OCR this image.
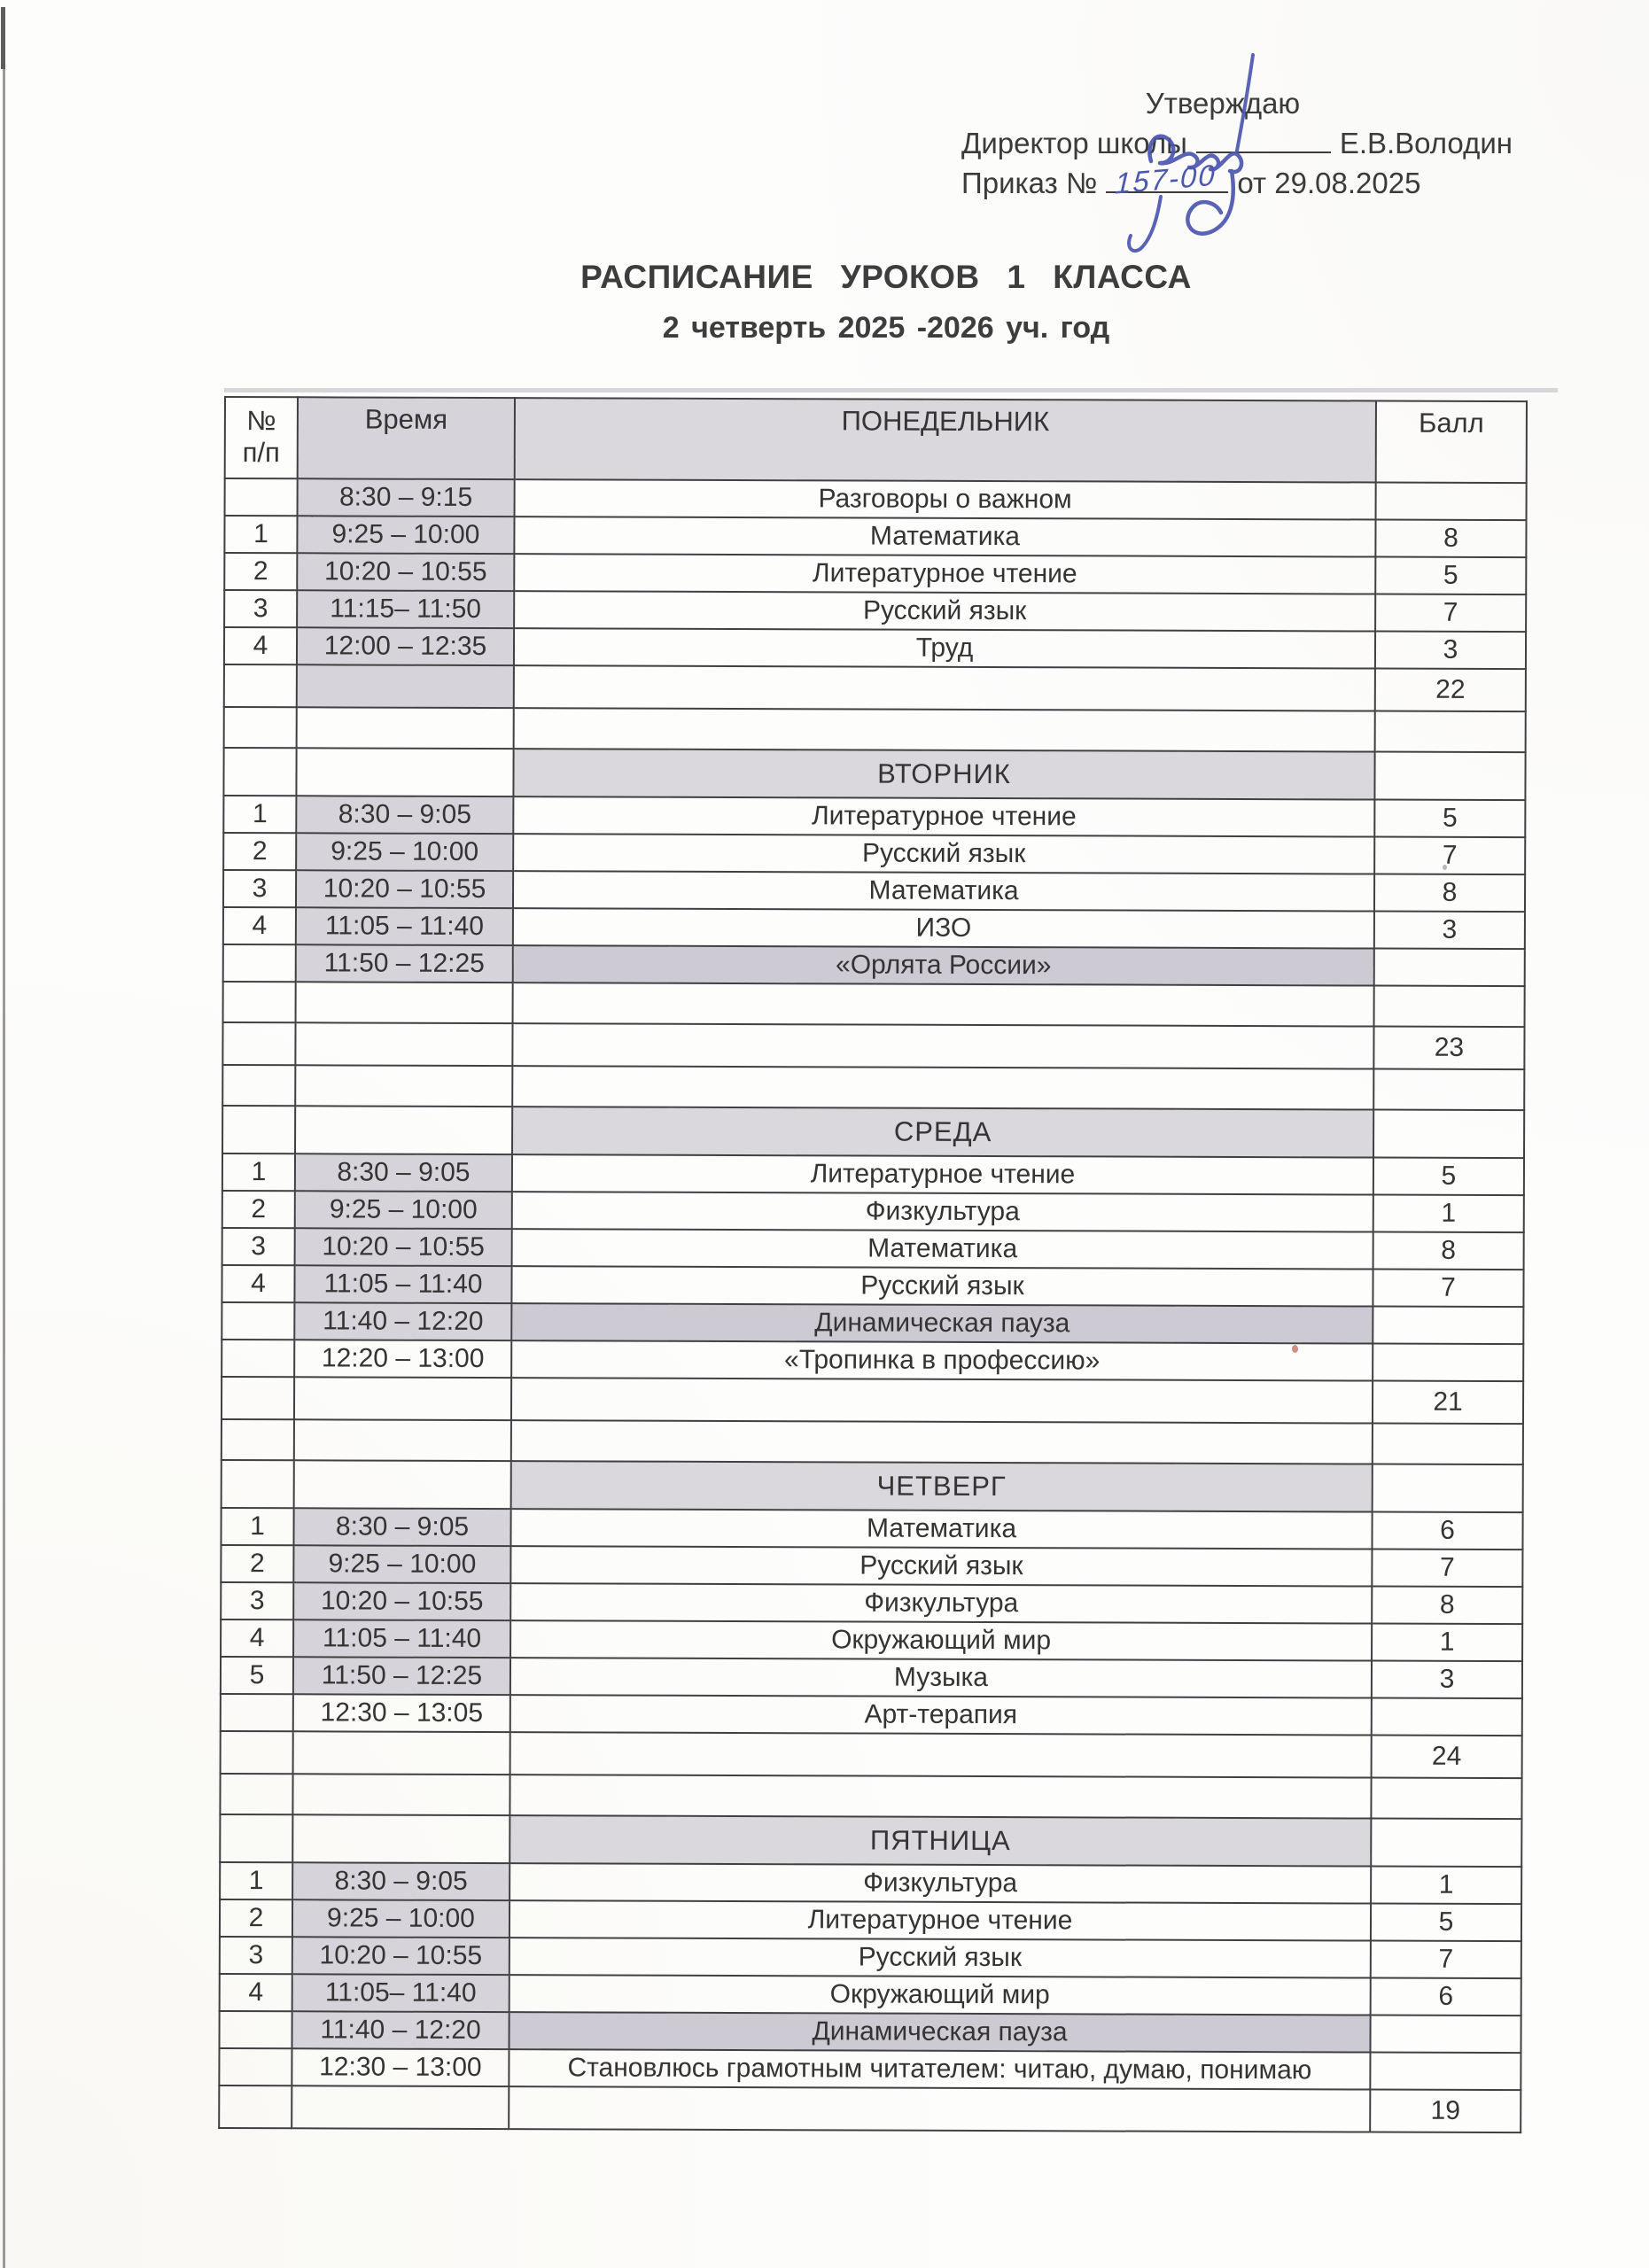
Утверждаю
Директор школы	Е.В.Володин
Приказ №	от 29.08.2025
157-00
РАСПИСАНИЕ УРОКОВ 1 КЛАССА
2 четверть 2025 -2026 уч. год
№
п/п	Время	ПОНЕДЕЛЬНИК	Балл
	8:30 – 9:15	Разговоры о важном	
1	9:25 – 10:00	Математика	8
2	10:20 – 10:55	Литературное чтение	5
3	11:15– 11:50	Русский язык	7
4	12:00 – 12:35	Труд	3
			22

		ВТОРНИК	
1	8:30 – 9:05	Литературное чтение	5
2	9:25 – 10:00	Русский язык	7
3	10:20 – 10:55	Математика	8
4	11:05 – 11:40	ИЗО	3
	11:50 – 12:25	«Орлята России»	

			23

		СРЕДА	
1	8:30 – 9:05	Литературное чтение	5
2	9:25 – 10:00	Физкультура	1
3	10:20 – 10:55	Математика	8
4	11:05 – 11:40	Русский язык	7
	11:40 – 12:20	Динамическая пауза	
	12:20 – 13:00	«Тропинка в профессию»	
			21

		ЧЕТВЕРГ	
1	8:30 – 9:05	Математика	6
2	9:25 – 10:00	Русский язык	7
3	10:20 – 10:55	Физкультура	8
4	11:05 – 11:40	Окружающий мир	1
5	11:50 – 12:25	Музыка	3
	12:30 – 13:05	Арт-терапия	
			24

		ПЯТНИЦА	
1	8:30 – 9:05	Физкультура	1
2	9:25 – 10:00	Литературное чтение	5
3	10:20 – 10:55	Русский язык	7
4	11:05– 11:40	Окружающий мир	6
	11:40 – 12:20	Динамическая пауза	
	12:30 – 13:00	Становлюсь грамотным читателем: читаю, думаю, понимаю	
			19
